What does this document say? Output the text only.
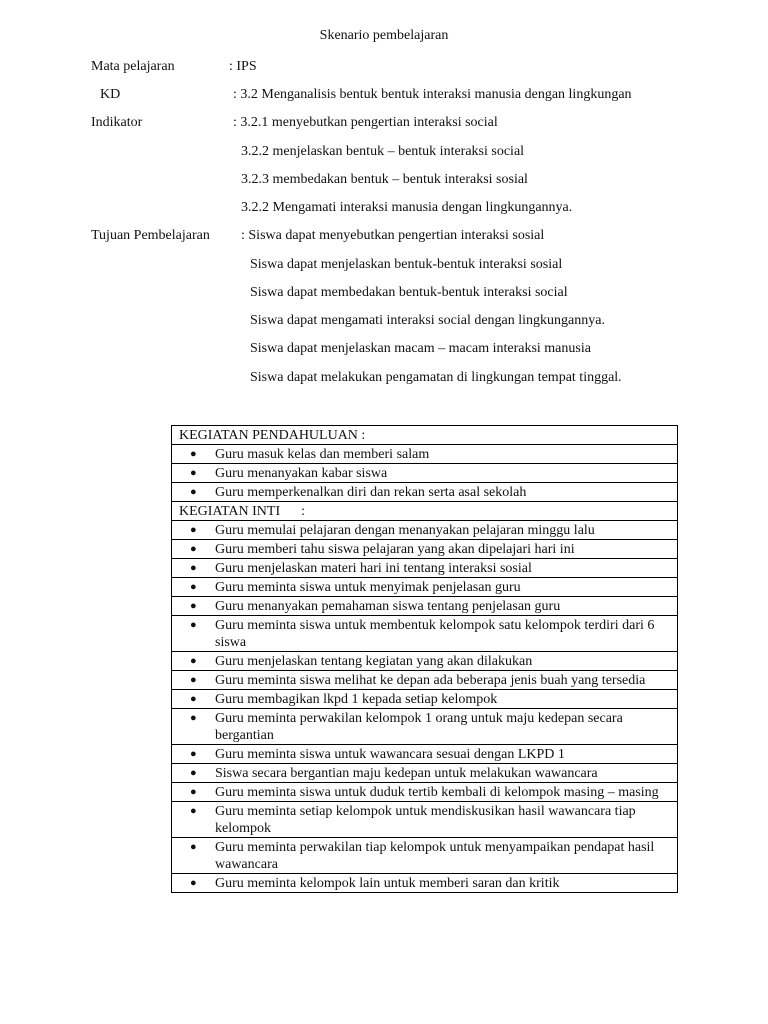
Skenario pembelajaran
Mata pelajaran	: IPS
KD	: 3.2 Menganalisis bentuk bentuk interaksi manusia dengan lingkungan
Indikator	: 3.2.1 menyebutkan pengertian interaksi social
3.2.2 menjelaskan bentuk – bentuk interaksi social
3.2.3 membedakan bentuk – bentuk interaksi sosial
3.2.2 Mengamati interaksi manusia dengan lingkungannya.
Tujuan Pembelajaran : Siswa dapat menyebutkan pengertian interaksi sosial
Siswa dapat menjelaskan bentuk-bentuk interaksi sosial
Siswa dapat membedakan bentuk-bentuk interaksi social
Siswa dapat mengamati interaksi social dengan lingkungannya.
Siswa dapat menjelaskan macam – macam interaksi manusia
Siswa dapat melakukan pengamatan di lingkungan tempat tinggal.
KEGIATAN PENDAHULUAN :

● Guru masuk kelas dan memberi salam

● Guru menanyakan kabar siswa

● Guru memperkenalkan diri dan rekan serta asal sekolah
KEGIATAN INTI      :

● Guru memulai pelajaran dengan menanyakan pelajaran minggu lalu

● Guru memberi tahu siswa pelajaran yang akan dipelajari hari ini

● Guru menjelaskan materi hari ini tentang interaksi sosial

● Guru meminta siswa untuk menyimak penjelasan guru

● Guru menanyakan pemahaman siswa tentang penjelasan guru

● Guru meminta siswa untuk membentuk kelompok satu kelompok terdiri dari 6 siswa

● Guru menjelaskan tentang kegiatan yang akan dilakukan

● Guru meminta siswa melihat ke depan ada beberapa jenis buah yang tersedia

● Guru membagikan lkpd 1 kepada setiap kelompok

● Guru meminta perwakilan kelompok 1 orang untuk maju kedepan secara bergantian

● Guru meminta siswa untuk wawancara sesuai dengan LKPD 1

● Siswa secara bergantian maju kedepan untuk melakukan wawancara

● Guru meminta siswa untuk duduk tertib kembali di kelompok masing – masing

● Guru meminta setiap kelompok untuk mendiskusikan hasil wawancara tiap kelompok

● Guru meminta perwakilan tiap kelompok untuk menyampaikan pendapat hasil wawancara

● Guru meminta kelompok lain untuk memberi saran dan kritik
